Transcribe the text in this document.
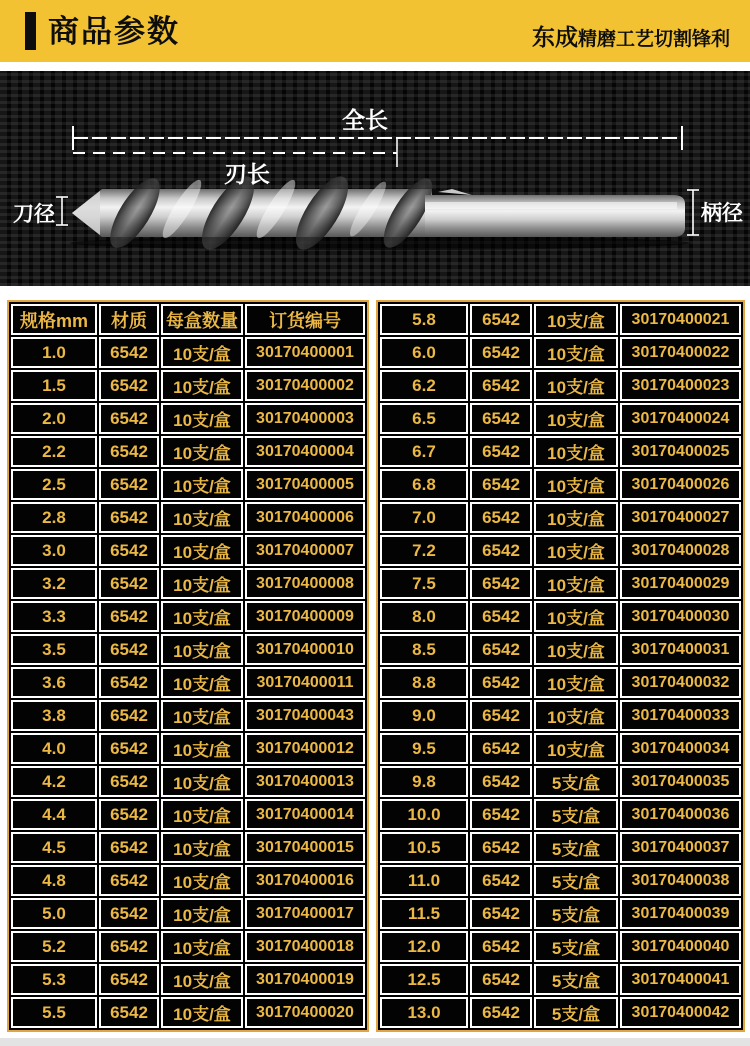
商品参数	东成精磨工艺切割锋利
全长
刃长
刀径	柄径
规格mm	材质	每盒数量	订货编号
1.0	6542	10支/盒	30170400001
1.5	6542	10支/盒	30170400002
2.0	6542	10支/盒	30170400003
2.2	6542	10支/盒	30170400004
2.5	6542	10支/盒	30170400005
2.8	6542	10支/盒	30170400006
3.0	6542	10支/盒	30170400007
3.2	6542	10支/盒	30170400008
3.3	6542	10支/盒	30170400009
3.5	6542	10支/盒	30170400010
3.6	6542	10支/盒	30170400011
3.8	6542	10支/盒	30170400043
4.0	6542	10支/盒	30170400012
4.2	6542	10支/盒	30170400013
4.4	6542	10支/盒	30170400014
4.5	6542	10支/盒	30170400015
4.8	6542	10支/盒	30170400016
5.0	6542	10支/盒	30170400017
5.2	6542	10支/盒	30170400018
5.3	6542	10支/盒	30170400019
5.5	6542	10支/盒	30170400020
5.8	6542	10支/盒	30170400021
6.0	6542	10支/盒	30170400022
6.2	6542	10支/盒	30170400023
6.5	6542	10支/盒	30170400024
6.7	6542	10支/盒	30170400025
6.8	6542	10支/盒	30170400026
7.0	6542	10支/盒	30170400027
7.2	6542	10支/盒	30170400028
7.5	6542	10支/盒	30170400029
8.0	6542	10支/盒	30170400030
8.5	6542	10支/盒	30170400031
8.8	6542	10支/盒	30170400032
9.0	6542	10支/盒	30170400033
9.5	6542	10支/盒	30170400034
9.8	6542	5支/盒	30170400035
10.0	6542	5支/盒	30170400036
10.5	6542	5支/盒	30170400037
11.0	6542	5支/盒	30170400038
11.5	6542	5支/盒	30170400039
12.0	6542	5支/盒	30170400040
12.5	6542	5支/盒	30170400041
13.0	6542	5支/盒	30170400042
